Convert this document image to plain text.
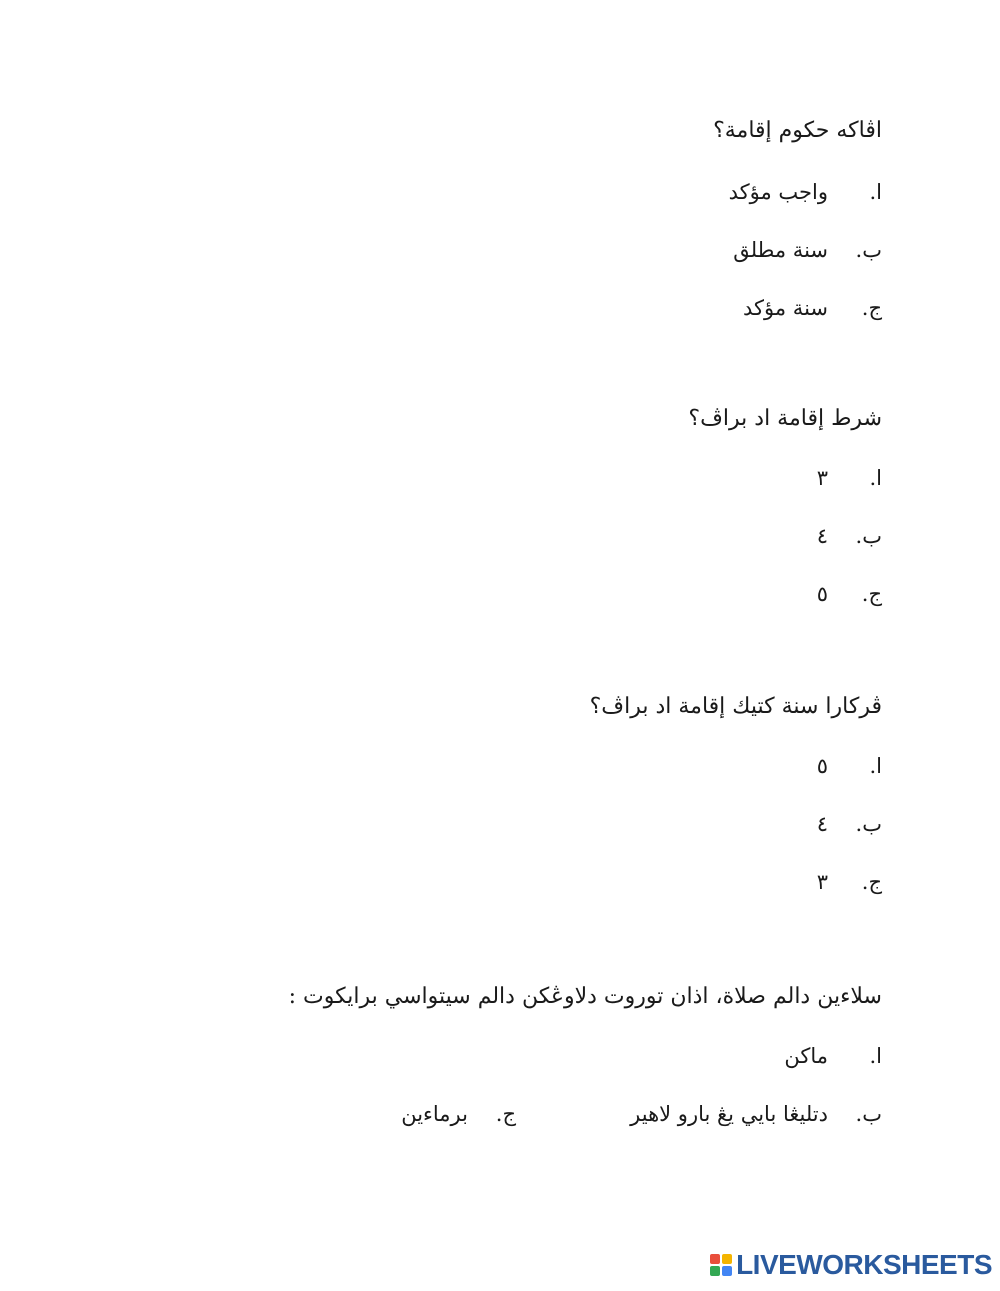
اڤاكه حكوم إقامة؟
ا.
واجب مؤكد
ب.
سنة مطلق
ج.
سنة مؤكد
شرط إقامة اد براڤ؟
ا.
٣
ب.
٤
ج.
٥
ڤركارا سنة كتيك إقامة اد براڤ؟
ا.
٥
ب.
٤
ج.
٣
سلاءين دالم صلاة، اذان توروت دلاوڠكن دالم سيتواسي برايكوت :
ا.
ماكن
ب.
دتليڠا بايي يڠ بارو لاهير
ج.
برماءين
LIVEWORKSHEETS
